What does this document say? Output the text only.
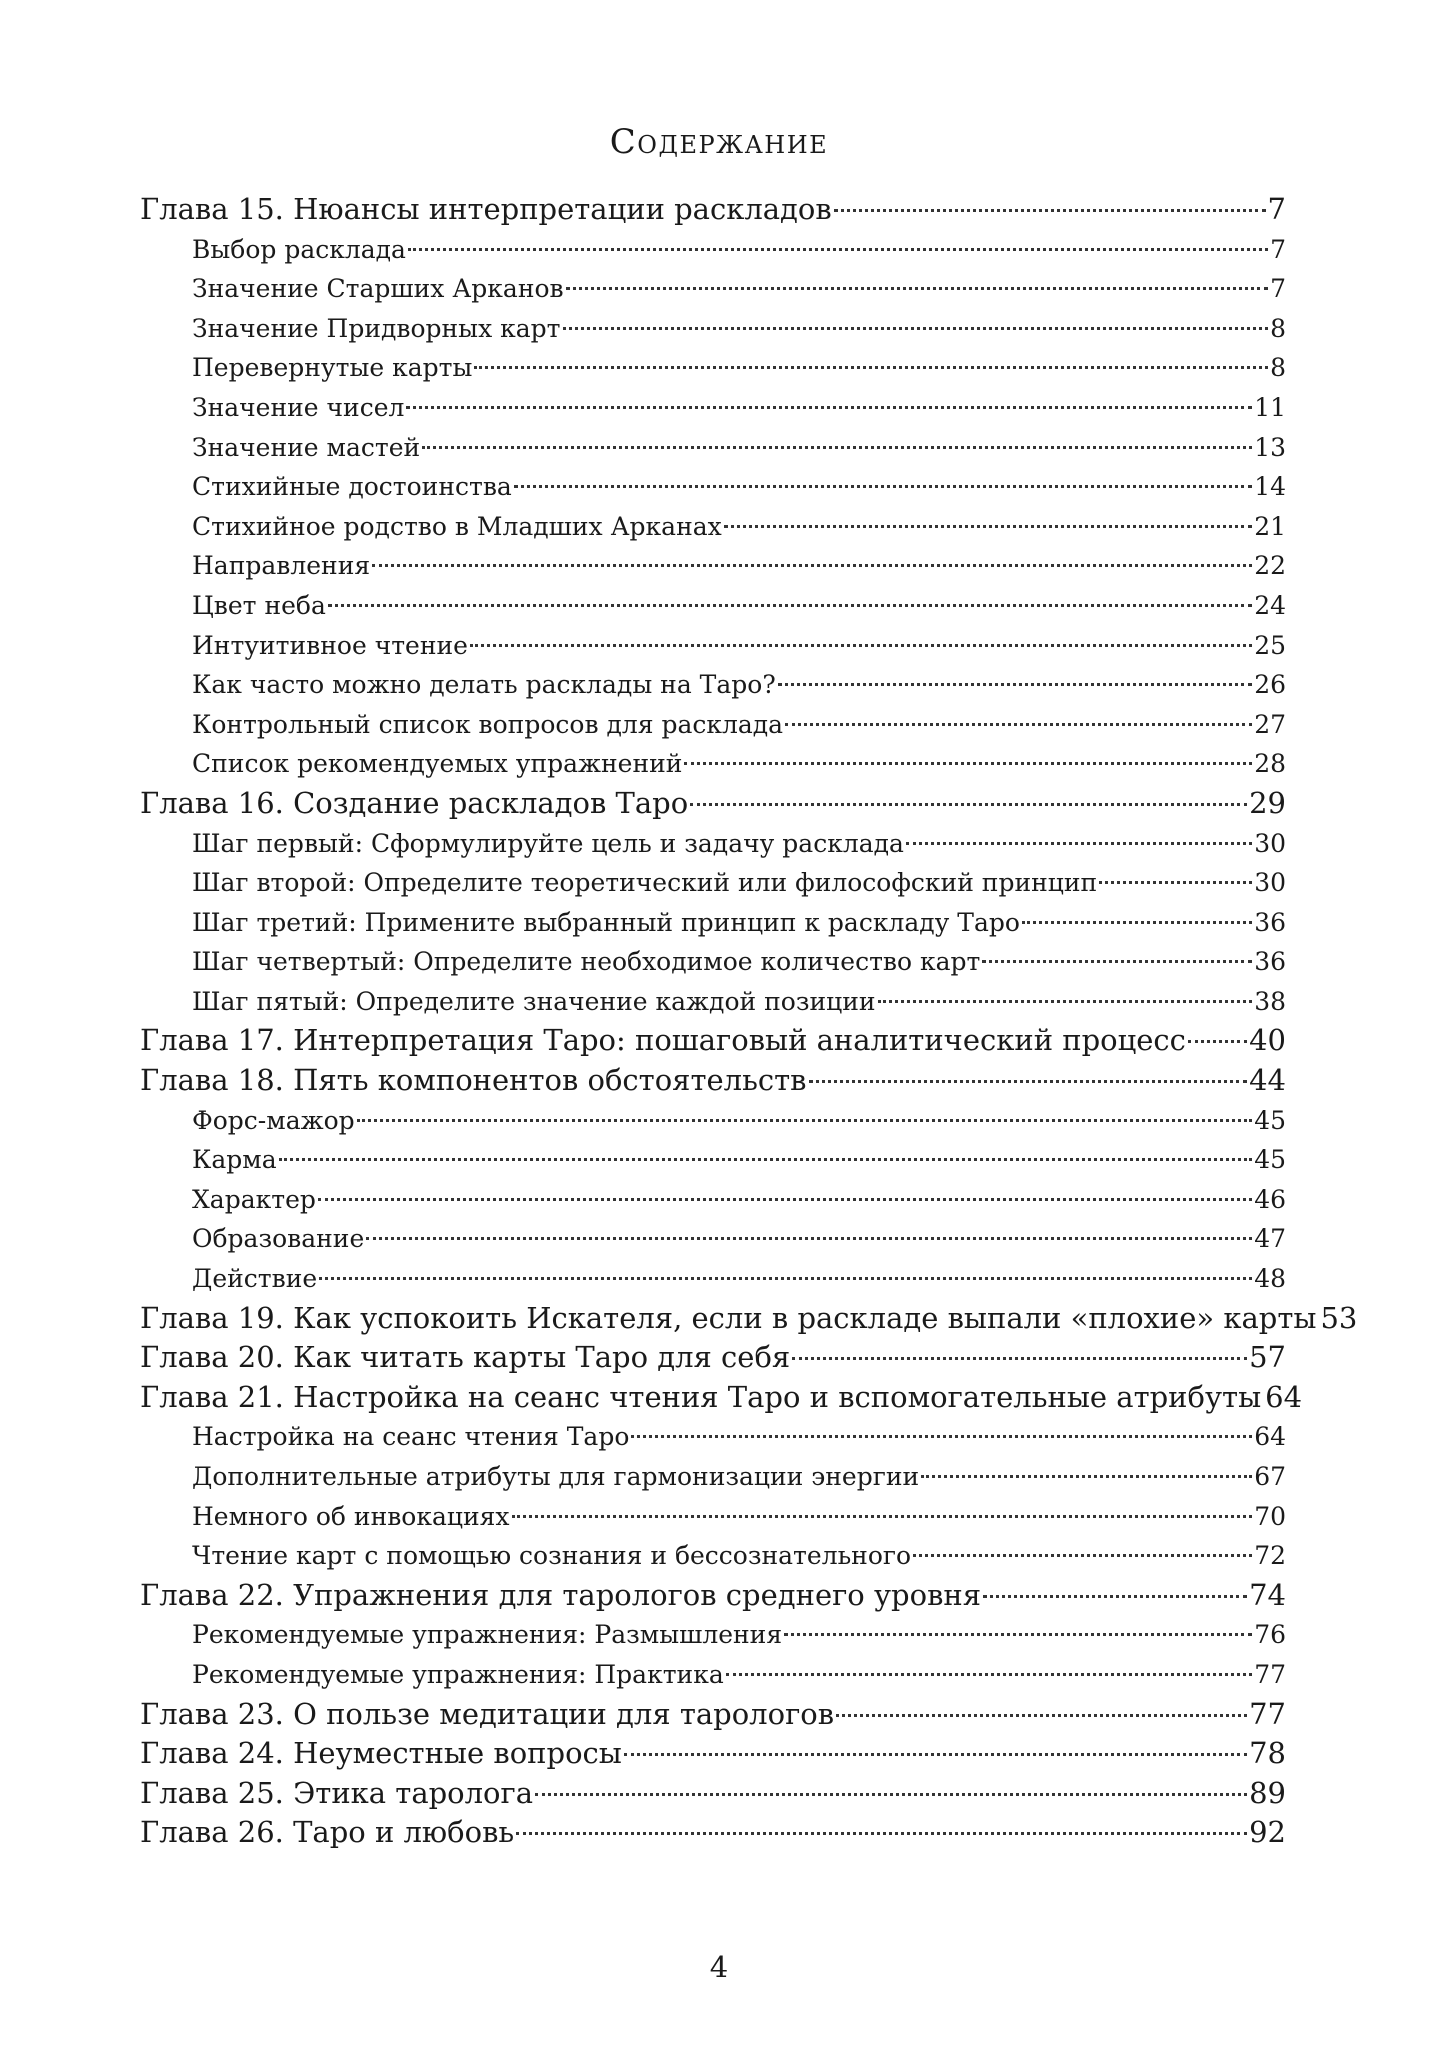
Содержание
Глава 15. Нюансы интерпретации раскладов	7
Выбор расклада	7
Значение Старших Арканов	7
Значение Придворных карт	8
Перевернутые карты	8
Значение чисел	11
Значение мастей	13
Стихийные достоинства	14
Стихийное родство в Младших Арканах	21
Направления	22
Цвет неба	24
Интуитивное чтение	25
Как часто можно делать расклады на Таро?	26
Контрольный список вопросов для расклада	27
Список рекомендуемых упражнений	28
Глава 16. Создание раскладов Таро	29
Шаг первый: Сформулируйте цель и задачу расклада	30
Шаг второй: Определите теоретический или философский принцип	30
Шаг третий: Примените выбранный принцип к раскладу Таро	36
Шаг четвертый: Определите необходимое количество карт	36
Шаг пятый: Определите значение каждой позиции	38
Глава 17. Интерпретация Таро: пошаговый аналитический процесс 40
Глава 18. Пять компонентов обстоятельств	44
Форс-мажор	45
Карма	45
Характер	46
Образование	47
Действие	48
Глава 19. Как успокоить Искателя, если в раскладе выпали «плохие» карты 53
Глава 20. Как читать карты Таро для себя	57
Глава 21. Настройка на сеанс чтения Таро и вспомогательные атрибуты 64
Настройка на сеанс чтения Таро	64
Дополнительные атрибуты для гармонизации энергии	67
Немного об инвокациях	70
Чтение карт с помощью сознания и бессознательного	72
Глава 22. Упражнения для тарологов среднего уровня	74
Рекомендуемые упражнения: Размышления	76
Рекомендуемые упражнения: Практика	77
Глава 23. О пользе медитации для тарологов	77
Глава 24. Неуместные вопросы	78
Глава 25. Этика таролога	89
Глава 26. Таро и любовь	92
4
